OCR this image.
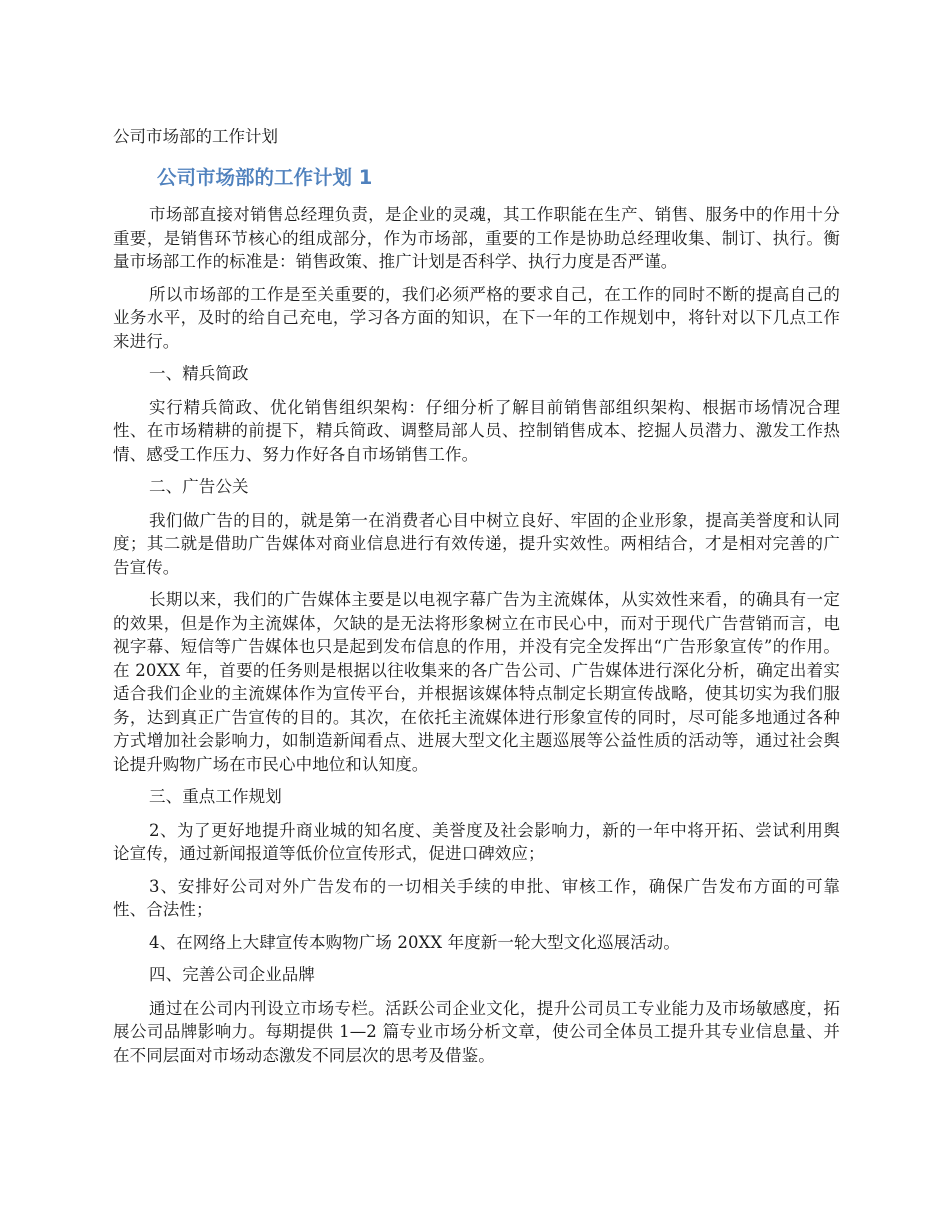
公司市场部的工作计划
公司市场部的工作计划 1

市场部直接对销售总经理负责，是企业的灵魂，其工作职能在生产、销售、服务中的作用十分重要，是销售环节核心的组成部分，作为市场部，重要的工作是协助总经理收集、制订、执行。衡量市场部工作的标准是：销售政策、推广计划是否科学、执行力度是否严谨。

所以市场部的工作是至关重要的，我们必须严格的要求自己，在工作的同时不断的提高自己的业务水平，及时的给自己充电，学习各方面的知识，在下一年的工作规划中，将针对以下几点工作来进行。

一、精兵简政

实行精兵简政、优化销售组织架构：仔细分析了解目前销售部组织架构、根据市场情况合理性、在市场精耕的前提下，精兵简政、调整局部人员、控制销售成本、挖掘人员潜力、激发工作热情、感受工作压力、努力作好各自市场销售工作。

二、广告公关

我们做广告的目的，就是第一在消费者心目中树立良好、牢固的企业形象，提高美誉度和认同度；其二就是借助广告媒体对商业信息进行有效传递，提升实效性。两相结合，才是相对完善的广告宣传。

长期以来，我们的广告媒体主要是以电视字幕广告为主流媒体，从实效性来看，的确具有一定的效果，但是作为主流媒体，欠缺的是无法将形象树立在市民心中，而对于现代广告营销而言，电视字幕、短信等广告媒体也只是起到发布信息的作用，并没有完全发挥出“广告形象宣传”的作用。在 20XX 年，首要的任务则是根据以往收集来的各广告公司、广告媒体进行深化分析，确定出着实适合我们企业的主流媒体作为宣传平台，并根据该媒体特点制定长期宣传战略，使其切实为我们服务，达到真正广告宣传的目的。其次，在依托主流媒体进行形象宣传的同时，尽可能多地通过各种方式增加社会影响力，如制造新闻看点、进展大型文化主题巡展等公益性质的活动等，通过社会舆论提升购物广场在市民心中地位和认知度。

三、重点工作规划

2、为了更好地提升商业城的知名度、美誉度及社会影响力，新的一年中将开拓、尝试利用舆论宣传，通过新闻报道等低价位宣传形式，促进口碑效应；

3、安排好公司对外广告发布的一切相关手续的申批、审核工作，确保广告发布方面的可靠性、合法性；

4、在网络上大肆宣传本购物广场 20XX 年度新一轮大型文化巡展活动。

四、完善公司企业品牌

通过在公司内刊设立市场专栏。活跃公司企业文化，提升公司员工专业能力及市场敏感度，拓展公司品牌影响力。每期提供 1—2 篇专业市场分析文章，使公司全体员工提升其专业信息量、并在不同层面对市场动态激发不同层次的思考及借鉴。
